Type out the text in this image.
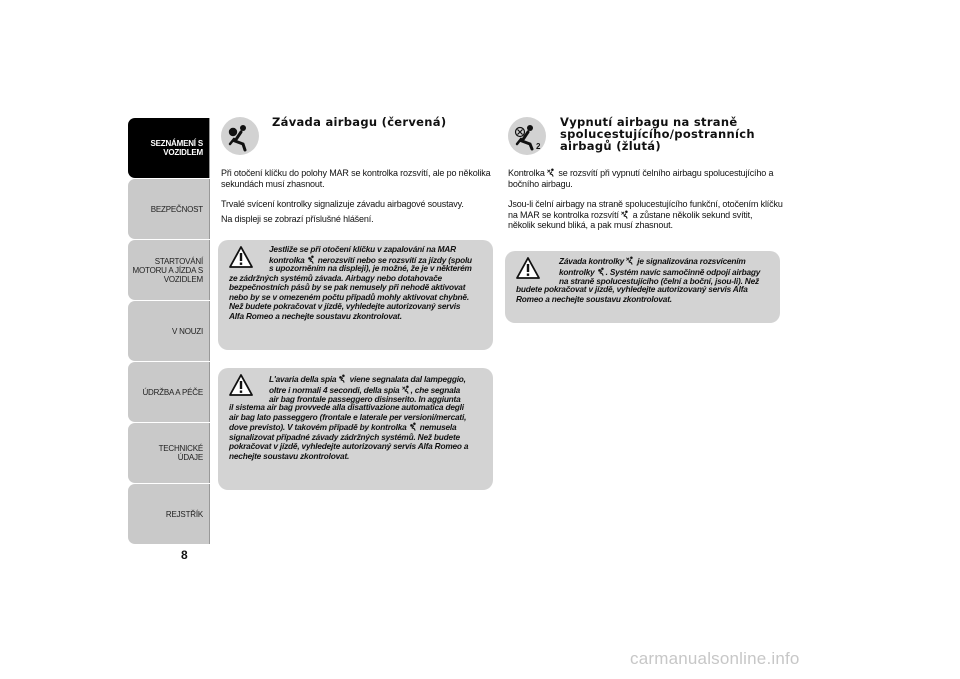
SEZNÁMENÍ S
VOZIDLEM
BEZPEČNOST
STARTOVÁNÍ
MOTORU A JÍZDA S
VOZIDLEM
V NOUZI
ÚDRŽBA A PÉČE
TECHNICKÉ ÚDAJE
REJSTŘÍK
8
Závada airbagu (červená)
Při otočení klíčku do polohy MAR se kontrolka rozsvítí, ale po několika
sekundách musí zhasnout.
Trvalé svícení kontrolky signalizuje závadu airbagové soustavy.
Na displeji se zobrazí příslušné hlášení.
Jestliže se při otočení klíčku v zapalování na MAR
kontrolka nerozsvítí nebo se rozsvítí za jízdy (spolu
s upozorněním na displeji), je možné, že je v některém
ze zádržných systémů závada. Airbagy nebo dotahovače
bezpečnostních pásů by se pak nemusely při nehodě aktivovat
nebo by se v omezeném počtu případů mohly aktivovat chybně.
Než budete pokračovat v jízdě, vyhledejte autorizovaný servis
Alfa Romeo a nechejte soustavu zkontrolovat.
L'avaria della spia viene segnalata dal lampeggio,
oltre i normali 4 secondi, della spia , che segnala
air bag frontale passeggero disinserito. In aggiunta
il sistema air bag provvede alla disattivazione automatica degli
air bag lato passeggero (frontale e laterale per versioni/mercati,
dove previsto). V takovém případě by kontrolka nemusela
signalizovat případné závady zádržných systémů. Než budete
pokračovat v jízdě, vyhledejte autorizovaný servis Alfa Romeo a
nechejte soustavu zkontrolovat.
2
Vypnutí airbagu na straně
spolucestujícího/postranních
airbagů (žlutá)
Kontrolka se rozsvítí při vypnutí čelního airbagu spolucestujícího a
bočního airbagu.
Jsou-li čelní airbagy na straně spolucestujícího funkční, otočením klíčku
na MAR se kontrolka rozsvítí a zůstane několik sekund svítit,
několik sekund bliká, a pak musí zhasnout.
Závada kontrolky je signalizována rozsvícením
kontrolky . Systém navíc samočinně odpojí airbagy
na straně spolucestujícího (čelní a boční, jsou-li). Než
budete pokračovat v jízdě, vyhledejte autorizovaný servis Alfa
Romeo a nechejte soustavu zkontrolovat.
carmanualsonline.info
